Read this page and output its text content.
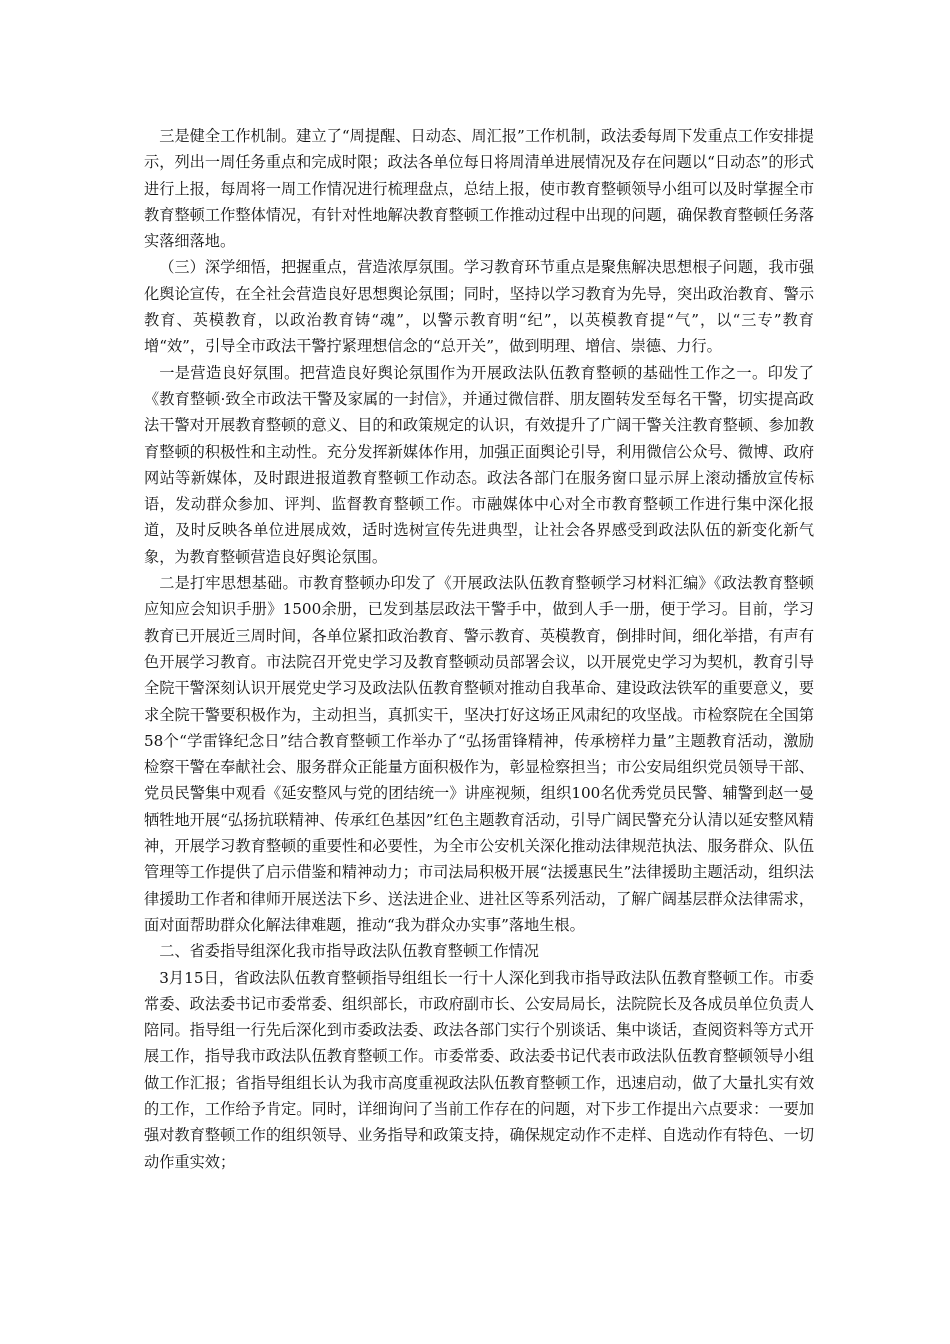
三是健全工作机制。建立了“周提醒、日动态、周汇报”工作机制，政法委每周下发重点工作安排提示，列出一周任务重点和完成时限；政法各单位每日将周清单进展情况及存在问题以“日动态”的形式进行上报，每周将一周工作情况进行梳理盘点，总结上报，使市教育整顿领导小组可以及时掌握全市教育整顿工作整体情况，有针对性地解决教育整顿工作推动过程中出现的问题，确保教育整顿任务落实落细落地。

（三）深学细悟，把握重点，营造浓厚氛围。学习教育环节重点是聚焦解决思想根子问题，我市强化舆论宣传，在全社会营造良好思想舆论氛围；同时，坚持以学习教育为先导，突出政治教育、警示教育、英模教育，以政治教育铸“魂”，以警示教育明“纪”，以英模教育提“气”，以“三专”教育增“效”，引导全市政法干警拧紧理想信念的“总开关”，做到明理、增信、崇德、力行。

一是营造良好氛围。把营造良好舆论氛围作为开展政法队伍教育整顿的基础性工作之一。印发了《教育整顿·致全市政法干警及家属的一封信》，并通过微信群、朋友圈转发至每名干警，切实提高政法干警对开展教育整顿的意义、目的和政策规定的认识，有效提升了广阔干警关注教育整顿、参加教育整顿的积极性和主动性。充分发挥新媒体作用，加强正面舆论引导，利用微信公众号、微博、政府网站等新媒体，及时跟进报道教育整顿工作动态。政法各部门在服务窗口显示屏上滚动播放宣传标语，发动群众参加、评判、监督教育整顿工作。市融媒体中心对全市教育整顿工作进行集中深化报道，及时反映各单位进展成效，适时选树宣传先进典型，让社会各界感受到政法队伍的新变化新气象，为教育整顿营造良好舆论氛围。

二是打牢思想基础。市教育整顿办印发了《开展政法队伍教育整顿学习材料汇编》《政法教育整顿应知应会知识手册》1500余册，已发到基层政法干警手中，做到人手一册，便于学习。目前，学习教育已开展近三周时间，各单位紧扣政治教育、警示教育、英模教育，倒排时间，细化举措，有声有色开展学习教育。市法院召开党史学习及教育整顿动员部署会议，以开展党史学习为契机，教育引导全院干警深刻认识开展党史学习及政法队伍教育整顿对推动自我革命、建设政法铁军的重要意义，要求全院干警要积极作为，主动担当，真抓实干，坚决打好这场正风肃纪的攻坚战。市检察院在全国第58个“学雷锋纪念日”结合教育整顿工作举办了“弘扬雷锋精神，传承榜样力量”主题教育活动，激励检察干警在奉献社会、服务群众正能量方面积极作为，彰显检察担当；市公安局组织党员领导干部、党员民警集中观看《延安整风与党的团结统一》讲座视频，组织100名优秀党员民警、辅警到赵一曼牺牲地开展“弘扬抗联精神、传承红色基因”红色主题教育活动，引导广阔民警充分认清以延安整风精神，开展学习教育整顿的重要性和必要性，为全市公安机关深化推动法律规范执法、服务群众、队伍管理等工作提供了启示借鉴和精神动力；市司法局积极开展“法援惠民生”法律援助主题活动，组织法律援助工作者和律师开展送法下乡、送法进企业、进社区等系列活动，了解广阔基层群众法律需求，面对面帮助群众化解法律难题，推动“我为群众办实事”落地生根。

二、省委指导组深化我市指导政法队伍教育整顿工作情况

3月15日，省政法队伍教育整顿指导组组长一行十人深化到我市指导政法队伍教育整顿工作。市委常委、政法委书记市委常委、组织部长，市政府副市长、公安局局长，法院院长及各成员单位负责人陪同。指导组一行先后深化到市委政法委、政法各部门实行个别谈话、集中谈话，查阅资料等方式开展工作，指导我市政法队伍教育整顿工作。市委常委、政法委书记代表市政法队伍教育整顿领导小组做工作汇报；省指导组组长认为我市高度重视政法队伍教育整顿工作，迅速启动，做了大量扎实有效的工作，工作给予肯定。同时，详细询问了当前工作存在的问题，对下步工作提出六点要求：一要加强对教育整顿工作的组织领导、业务指导和政策支持，确保规定动作不走样、自选动作有特色、一切动作重实效；
